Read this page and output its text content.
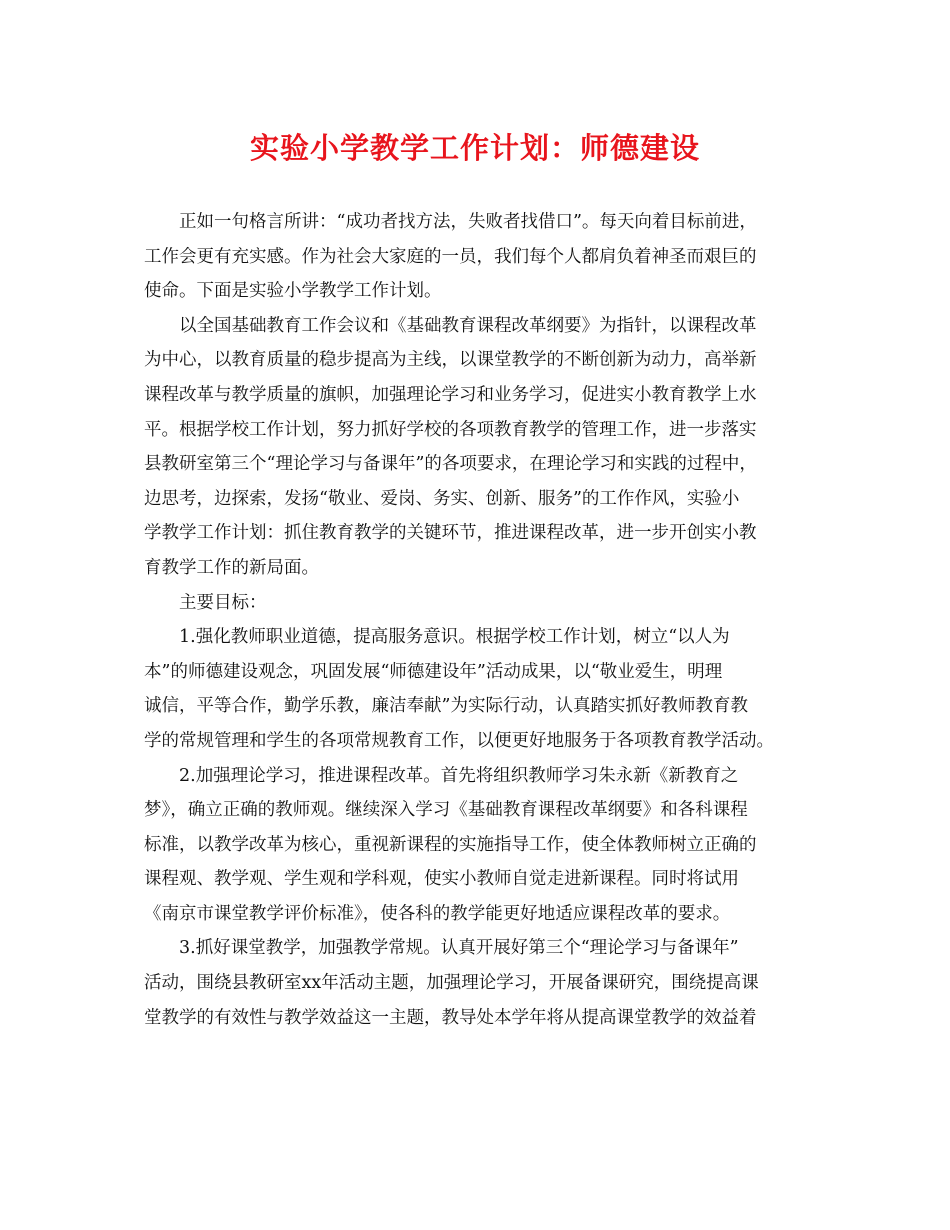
实验小学教学工作计划：师德建设
正如一句格言所讲：“成功者找方法，失败者找借口”。每天向着目标前进，
工作会更有充实感。作为社会大家庭的一员，我们每个人都肩负着神圣而艰巨的
使命。下面是实验小学教学工作计划。
以全国基础教育工作会议和《基础教育课程改革纲要》为指针，以课程改革
为中心，以教育质量的稳步提高为主线，以课堂教学的不断创新为动力，高举新
课程改革与教学质量的旗帜，加强理论学习和业务学习，促进实小教育教学上水
平。根据学校工作计划，努力抓好学校的各项教育教学的管理工作，进一步落实
县教研室第三个“理论学习与备课年”的各项要求，在理论学习和实践的过程中，
边思考，边探索，发扬“敬业、爱岗、务实、创新、服务”的工作作风，实验小
学教学工作计划：抓住教育教学的关键环节，推进课程改革，进一步开创实小教
育教学工作的新局面。
主要目标：
1.强化教师职业道德，提高服务意识。根据学校工作计划，树立“以人为
本”的师德建设观念，巩固发展“师德建设年”活动成果，以“敬业爱生，明理
诚信，平等合作，勤学乐教，廉洁奉献”为实际行动，认真踏实抓好教师教育教
学的常规管理和学生的各项常规教育工作，以便更好地服务于各项教育教学活动。
2.加强理论学习，推进课程改革。首先将组织教师学习朱永新《新教育之
梦》，确立正确的教师观。继续深入学习《基础教育课程改革纲要》和各科课程
标准，以教学改革为核心，重视新课程的实施指导工作，使全体教师树立正确的
课程观、教学观、学生观和学科观，使实小教师自觉走进新课程。同时将试用
《南京市课堂教学评价标准》，使各科的教学能更好地适应课程改革的要求。
3.抓好课堂教学，加强教学常规。认真开展好第三个“理论学习与备课年”
活动，围绕县教研室xx年活动主题，加强理论学习，开展备课研究，围绕提高课
堂教学的有效性与教学效益这一主题，教导处本学年将从提高课堂教学的效益着
